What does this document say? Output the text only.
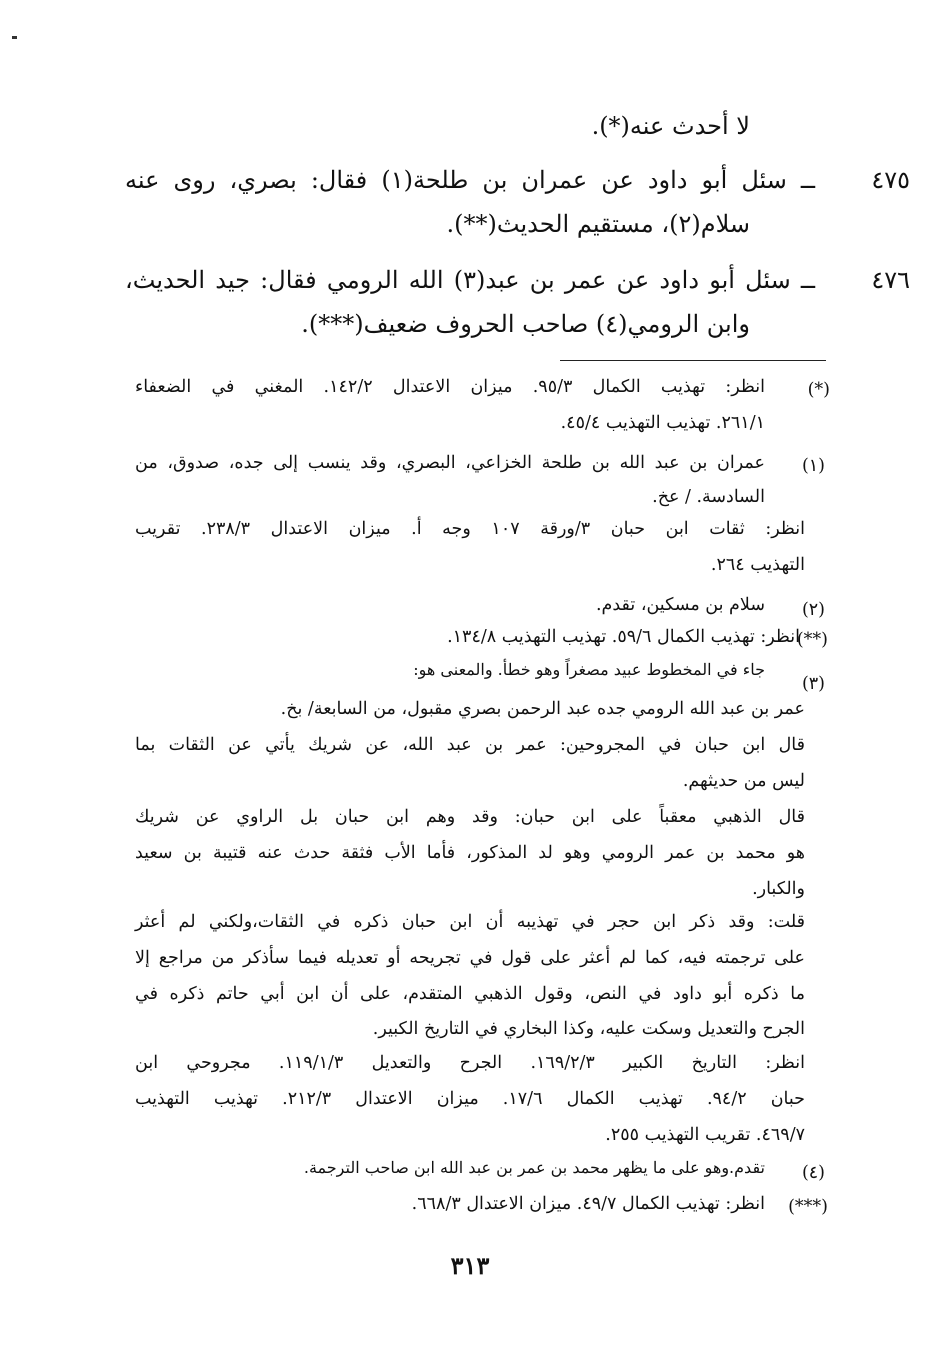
لا أحدث عنه(*).
٤٧٥
ــ سئل أبو داود عن عمران بن طلحة(١) فقال: بصري، روى عنه
سلام(٢)، مستقيم الحديث(**).
٤٧٦
ــ سئل أبو داود عن عمر بن عبد(٣) الله الرومي فقال: جيد الحديث،
وابن الرومي(٤) صاحب الحروف ضعيف(***).
(*)
انظر: تهذيب الكمال ٩٥/٣. ميزان الاعتدال ١٤٢/٢. المغني في الضعفاء
٢٦١/١. تهذيب التهذيب ٤٥/٤.
(١)
عمران بن عبد الله بن طلحة الخزاعي، البصري، وقد ينسب إلى جده، صدوق، من
السادسة. / عخ.
انظر: ثقات ابن حبان ٣/ورقة ١٠٧ وجه أ. ميزان الاعتدال ٢٣٨/٣. تقريب
التهذيب ٢٦٤.
(٢)
سلام بن مسكين، تقدم.
(**)
انظر: تهذيب الكمال ٥٩/٦. تهذيب التهذيب ١٣٤/٨.
(٣)
جاء في المخطوط عبيد مصغراً وهو خطأ. والمعنى هو:
عمر بن عبد الله الرومي جده عبد الرحمن بصري مقبول، من السابعة/ بخ.
قال ابن حبان في المجروحين: عمر بن عبد الله، عن شريك يأتي عن الثقات بما
ليس من حديثهم.
قال الذهبي معقباً على ابن حبان: وقد وهم ابن حبان بل الراوي عن شريك
هو محمد بن عمر الرومي وهو لد المذكور، فأما الأب فثقة حدث عنه قتيبة بن سعيد
والكبار.
قلت: وقد ذكر ابن حجر في تهذيبه أن ابن حبان ذكره في الثقات،ولكني لم أعثر
على ترجمته فيه، كما لم أعثر على قول في تجريحه أو تعديله فيما سأذكر من مراجع إلا
ما ذكره أبو داود في النص، وقول الذهبي المتقدم، على أن ابن أبي حاتم ذكره في
الجرح والتعديل وسكت عليه، وكذا البخاري في التاريخ الكبير.
انظر: التاريخ الكبير ١٦٩/٢/٣. الجرح والتعديل ١١٩/١/٣. مجروحي ابن
حبان ٩٤/٢. تهذيب الكمال ١٧/٦. ميزان الاعتدال ٢١٢/٣. تهذيب التهذيب
٤٦٩/٧. تقريب التهذيب ٢٥٥.
(٤)
تقدم.وهو على ما يظهر محمد بن عمر بن عبد الله ابن صاحب الترجمة.
(***)
انظر: تهذيب الكمال ٤٩/٧. ميزان الاعتدال ٦٦٨/٣.
٣١٣
